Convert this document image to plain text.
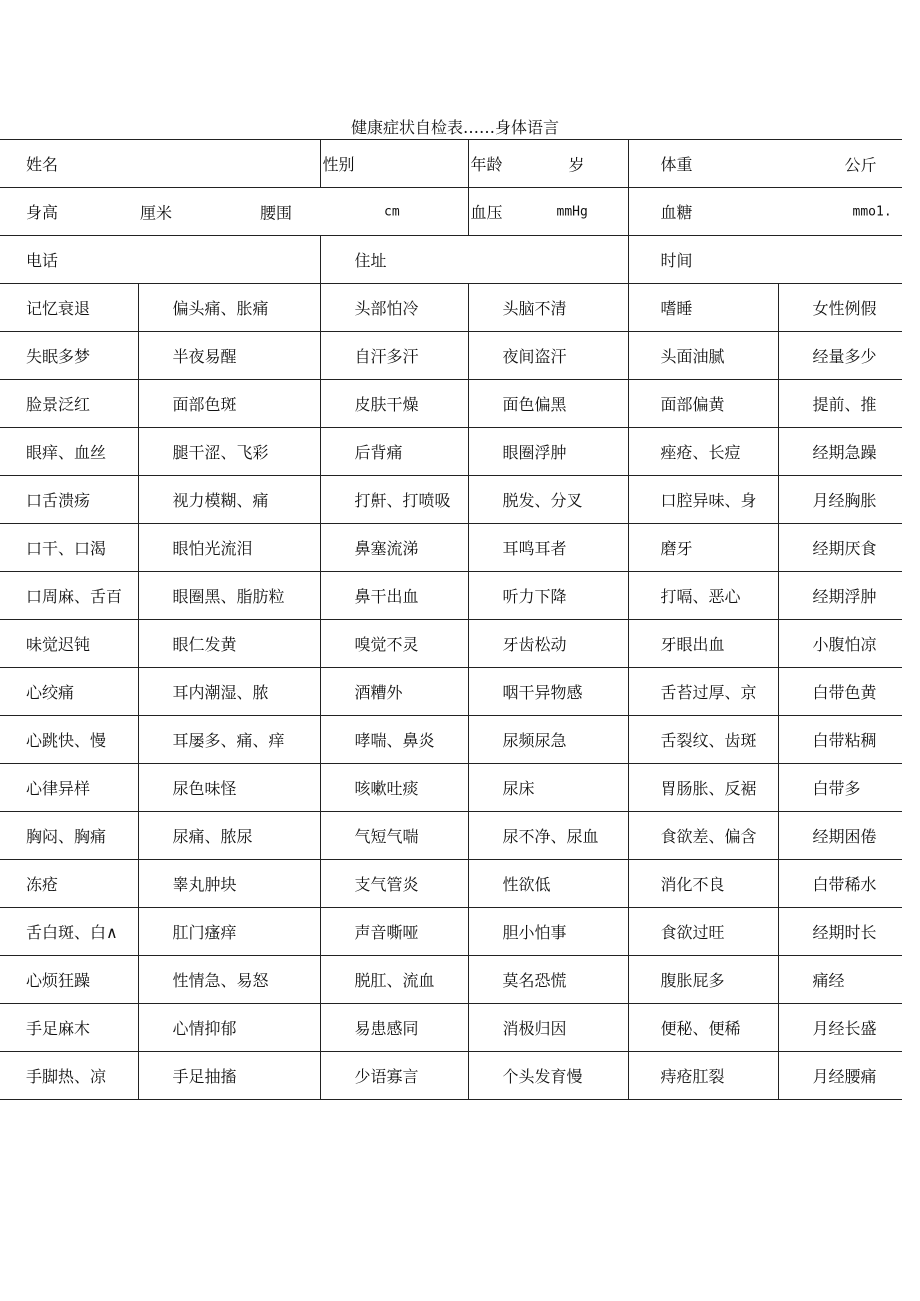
健康症状自检表……身体语言
姓名		性别	年龄 岁	体重 公斤	

身高 厘米 腰围 cm			血压 mmHg	血糖 mmo1.	

电话		住址		时间	
记忆衰退	偏头痛、胀痛	头部怕冷	头脑不清	嗜睡	女性例假
失眠多梦	半夜易醒	自汗多汗	夜间盗汗	头面油腻	经量多少
脸景泛红	面部色斑	皮肤干燥	面色偏黑	面部偏黄	提前、推
眼痒、血丝	腿干涩、飞彩	后背痛	眼圈浮肿	痤疮、长痘	经期急躁
口舌溃疡	视力模糊、痛	打鼾、打喷吸	脱发、分叉	口腔异味、身	月经胸胀
口干、口渴	眼怕光流泪	鼻塞流涕	耳鸣耳者	磨牙	经期厌食
口周麻、舌百	眼圈黑、脂肪粒	鼻干出血	听力下降	打嗝、恶心	经期浮肿
味觉迟钝	眼仁发黄	嗅觉不灵	牙齿松动	牙眼出血	小腹怕凉
心绞痛	耳内潮湿、脓	酒糟外	咽干异物感	舌苔过厚、京	白带色黄
心跳快、慢	耳屡多、痛、痒	哮喘、鼻炎	尿频尿急	舌裂纹、齿斑	白带粘稠
心律异样	尿色味怪	咳嗽吐痰	尿床	胃肠胀、反裾	白带多
胸闷、胸痛	尿痛、脓尿	气短气喘	尿不净、尿血	食欲差、偏含	经期困倦
冻疮	睾丸肿块	支气管炎	性欲低	消化不良	白带稀水
舌白斑、白∧	肛门瘙痒	声音嘶哑	胆小怕事	食欲过旺	经期时长
心烦狂躁	性情急、易怒	脱肛、流血	莫名恐慌	腹胀屁多	痛经
手足麻木	心情抑郁	易患感同	消极归因	便秘、便稀	月经长盛
手脚热、凉	手足抽搐	少语寡言	个头发育慢	痔疮肛裂	月经腰痛
